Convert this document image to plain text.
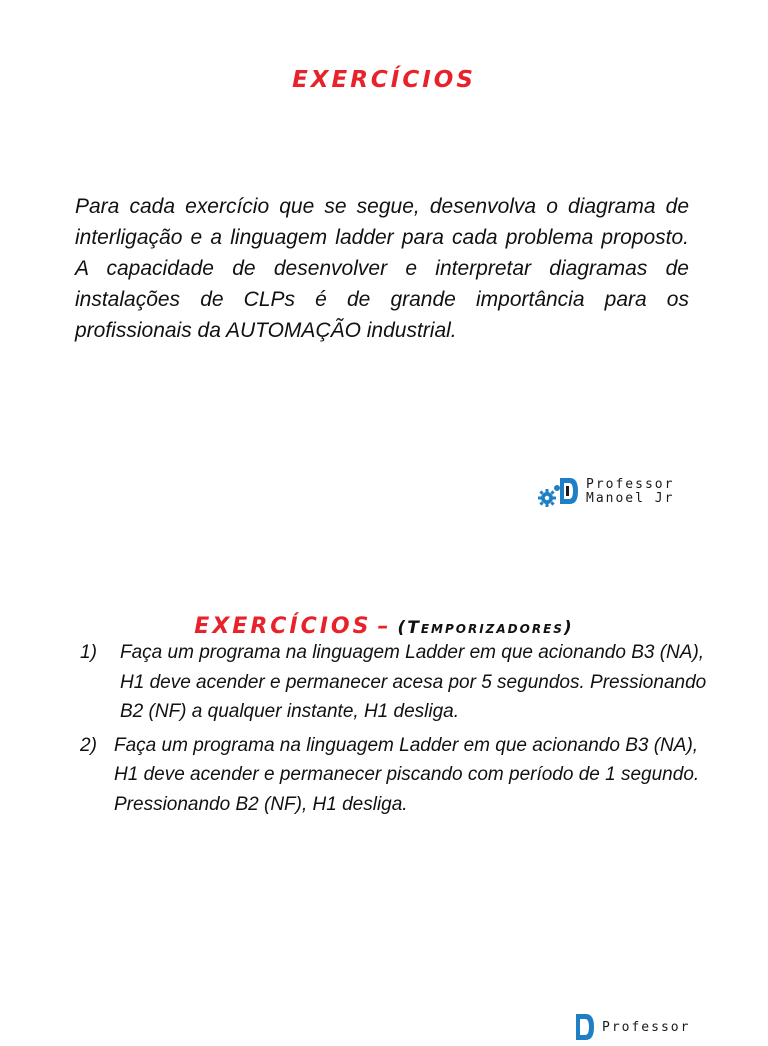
EXERCÍCIOS

Para cada exercício que se segue, desenvolva o diagrama de interligação e a linguagem ladder para cada problema proposto. A capacidade de desenvolver e interpretar diagramas de instalações de CLPs é de grande importância para os profissionais da AUTOMAÇÃO industrial.

Professor
Manoel Jr
EXERCÍCIOS – (Temporizadores)
1)	Faça um programa na linguagem Ladder em que acionando B3 (NA), H1 deve acender e permanecer acesa por 5 segundos. Pressionando B2 (NF) a qualquer instante, H1 desliga.
2) Faça um programa na linguagem Ladder em que acionando B3 (NA), H1 deve acender e permanecer piscando com período de 1 segundo. Pressionando B2 (NF), H1 desliga.
Professor
